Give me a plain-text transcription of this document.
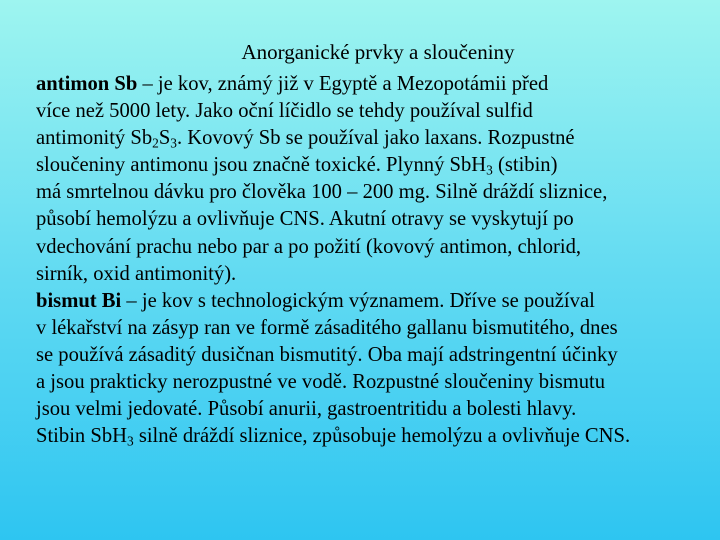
Anorganické prvky a sloučeniny
antimon Sb – je kov, známý již v Egyptě a Mezopotámii před
více než 5000 lety. Jako oční líčidlo se tehdy používal sulfid
antimonitý $Sb_2S_3$. Kovový Sb se používal jako laxans. Rozpustné
sloučeniny antimonu jsou značně toxické. Plynný SbH$_3$ (stibin)
má smrtelnou dávku pro člověka 100 – 200 mg. Silně dráždí sliznice,
působí hemolýzu a ovlivňuje CNS. Akutní otravy se vyskytují po
vdechování prachu nebo par a po požití (kovový antimon, chlorid,
sirník, oxid antimonitý).
bismut Bi – je kov s technologickým významem. Dříve se používal
v lékařství na zásyp ran ve formě zásaditého gallanu bismutitého, dnes
se používá zásaditý dusičnan bismutitý. Oba mají adstringentní účinky
a jsou prakticky nerozpustné ve vodě. Rozpustné sloučeniny bismutu
jsou velmi jedovaté. Působí anurii, gastroentritidu a bolesti hlavy.
Stibin SbH$_3$ silně dráždí sliznice, způsobuje hemolýzu a ovlivňuje CNS.
